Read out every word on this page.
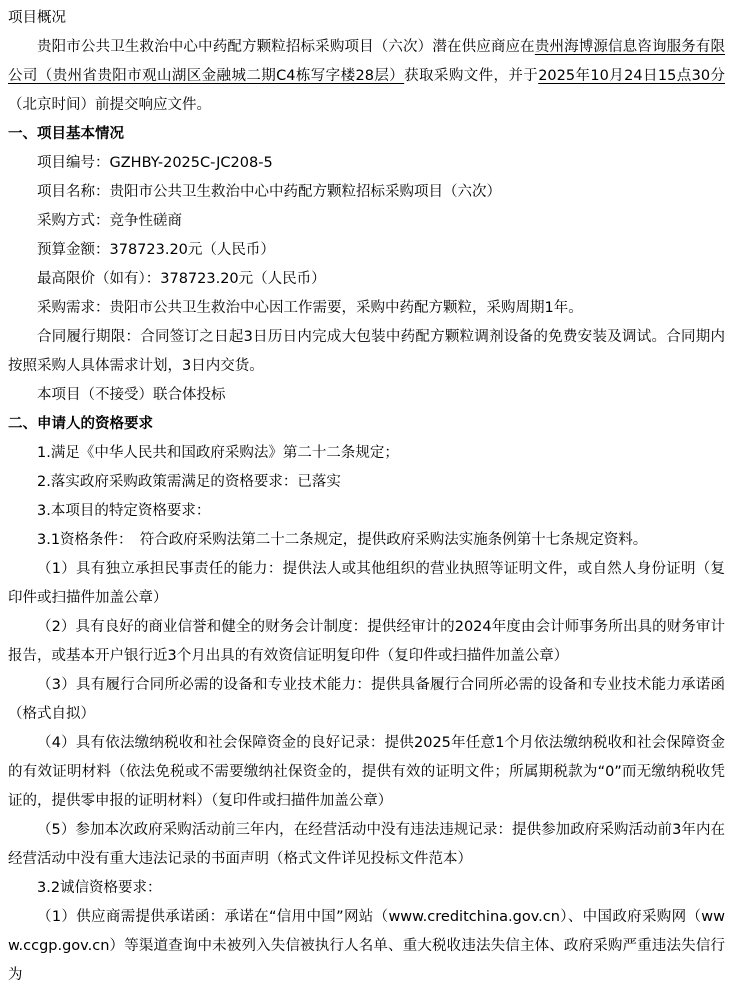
项目概况

贵阳市公共卫生救治中心中药配方颗粒招标采购项目（六次）潜在供应商应在贵州海博源信息咨询服务有限公司（贵州省贵阳市观山湖区金融城二期C4栋写字楼28层）获取采购文件，并于2025年10月24日15点30分（北京时间）前提交响应文件。

一、项目基本情况

项目编号：GZHBY-2025C-JC208-5

项目名称：贵阳市公共卫生救治中心中药配方颗粒招标采购项目（六次）

采购方式：竞争性磋商

预算金额：378723.20元（人民币）

最高限价（如有）：378723.20元（人民币）

采购需求：贵阳市公共卫生救治中心因工作需要，采购中药配方颗粒，采购周期1年。

合同履行期限：合同签订之日起3日历日内完成大包装中药配方颗粒调剂设备的免费安装及调试。合同期内按照采购人具体需求计划，3日内交货。

本项目（不接受）联合体投标

二、申请人的资格要求

1.满足《中华人民共和国政府采购法》第二十二条规定；

2.落实政府采购政策需满足的资格要求：已落实

3.本项目的特定资格要求：

3.1资格条件：　符合政府采购法第二十二条规定，提供政府采购法实施条例第十七条规定资料。

（1）具有独立承担民事责任的能力：提供法人或其他组织的营业执照等证明文件，或自然人身份证明（复印件或扫描件加盖公章）

（2）具有良好的商业信誉和健全的财务会计制度：提供经审计的2024年度由会计师事务所出具的财务审计报告，或基本开户银行近3个月出具的有效资信证明复印件（复印件或扫描件加盖公章）

（3）具有履行合同所必需的设备和专业技术能力：提供具备履行合同所必需的设备和专业技术能力承诺函（格式自拟）

（4）具有依法缴纳税收和社会保障资金的良好记录：提供2025年任意1个月依法缴纳税收和社会保障资金的有效证明材料（依法免税或不需要缴纳社保资金的，提供有效的证明文件；所属期税款为“0”而无缴纳税收凭证的，提供零申报的证明材料）（复印件或扫描件加盖公章）

（5）参加本次政府采购活动前三年内，在经营活动中没有违法违规记录：提供参加政府采购活动前3年内在经营活动中没有重大违法记录的书面声明（格式文件详见投标文件范本）

3.2诚信资格要求：

（1）供应商需提供承诺函：承诺在“信用中国”网站（www.creditchina.gov.cn）、中国政府采购网（www.ccgp.gov.cn）等渠道查询中未被列入失信被执行人名单、重大税收违法失信主体、政府采购严重违法失信行为
